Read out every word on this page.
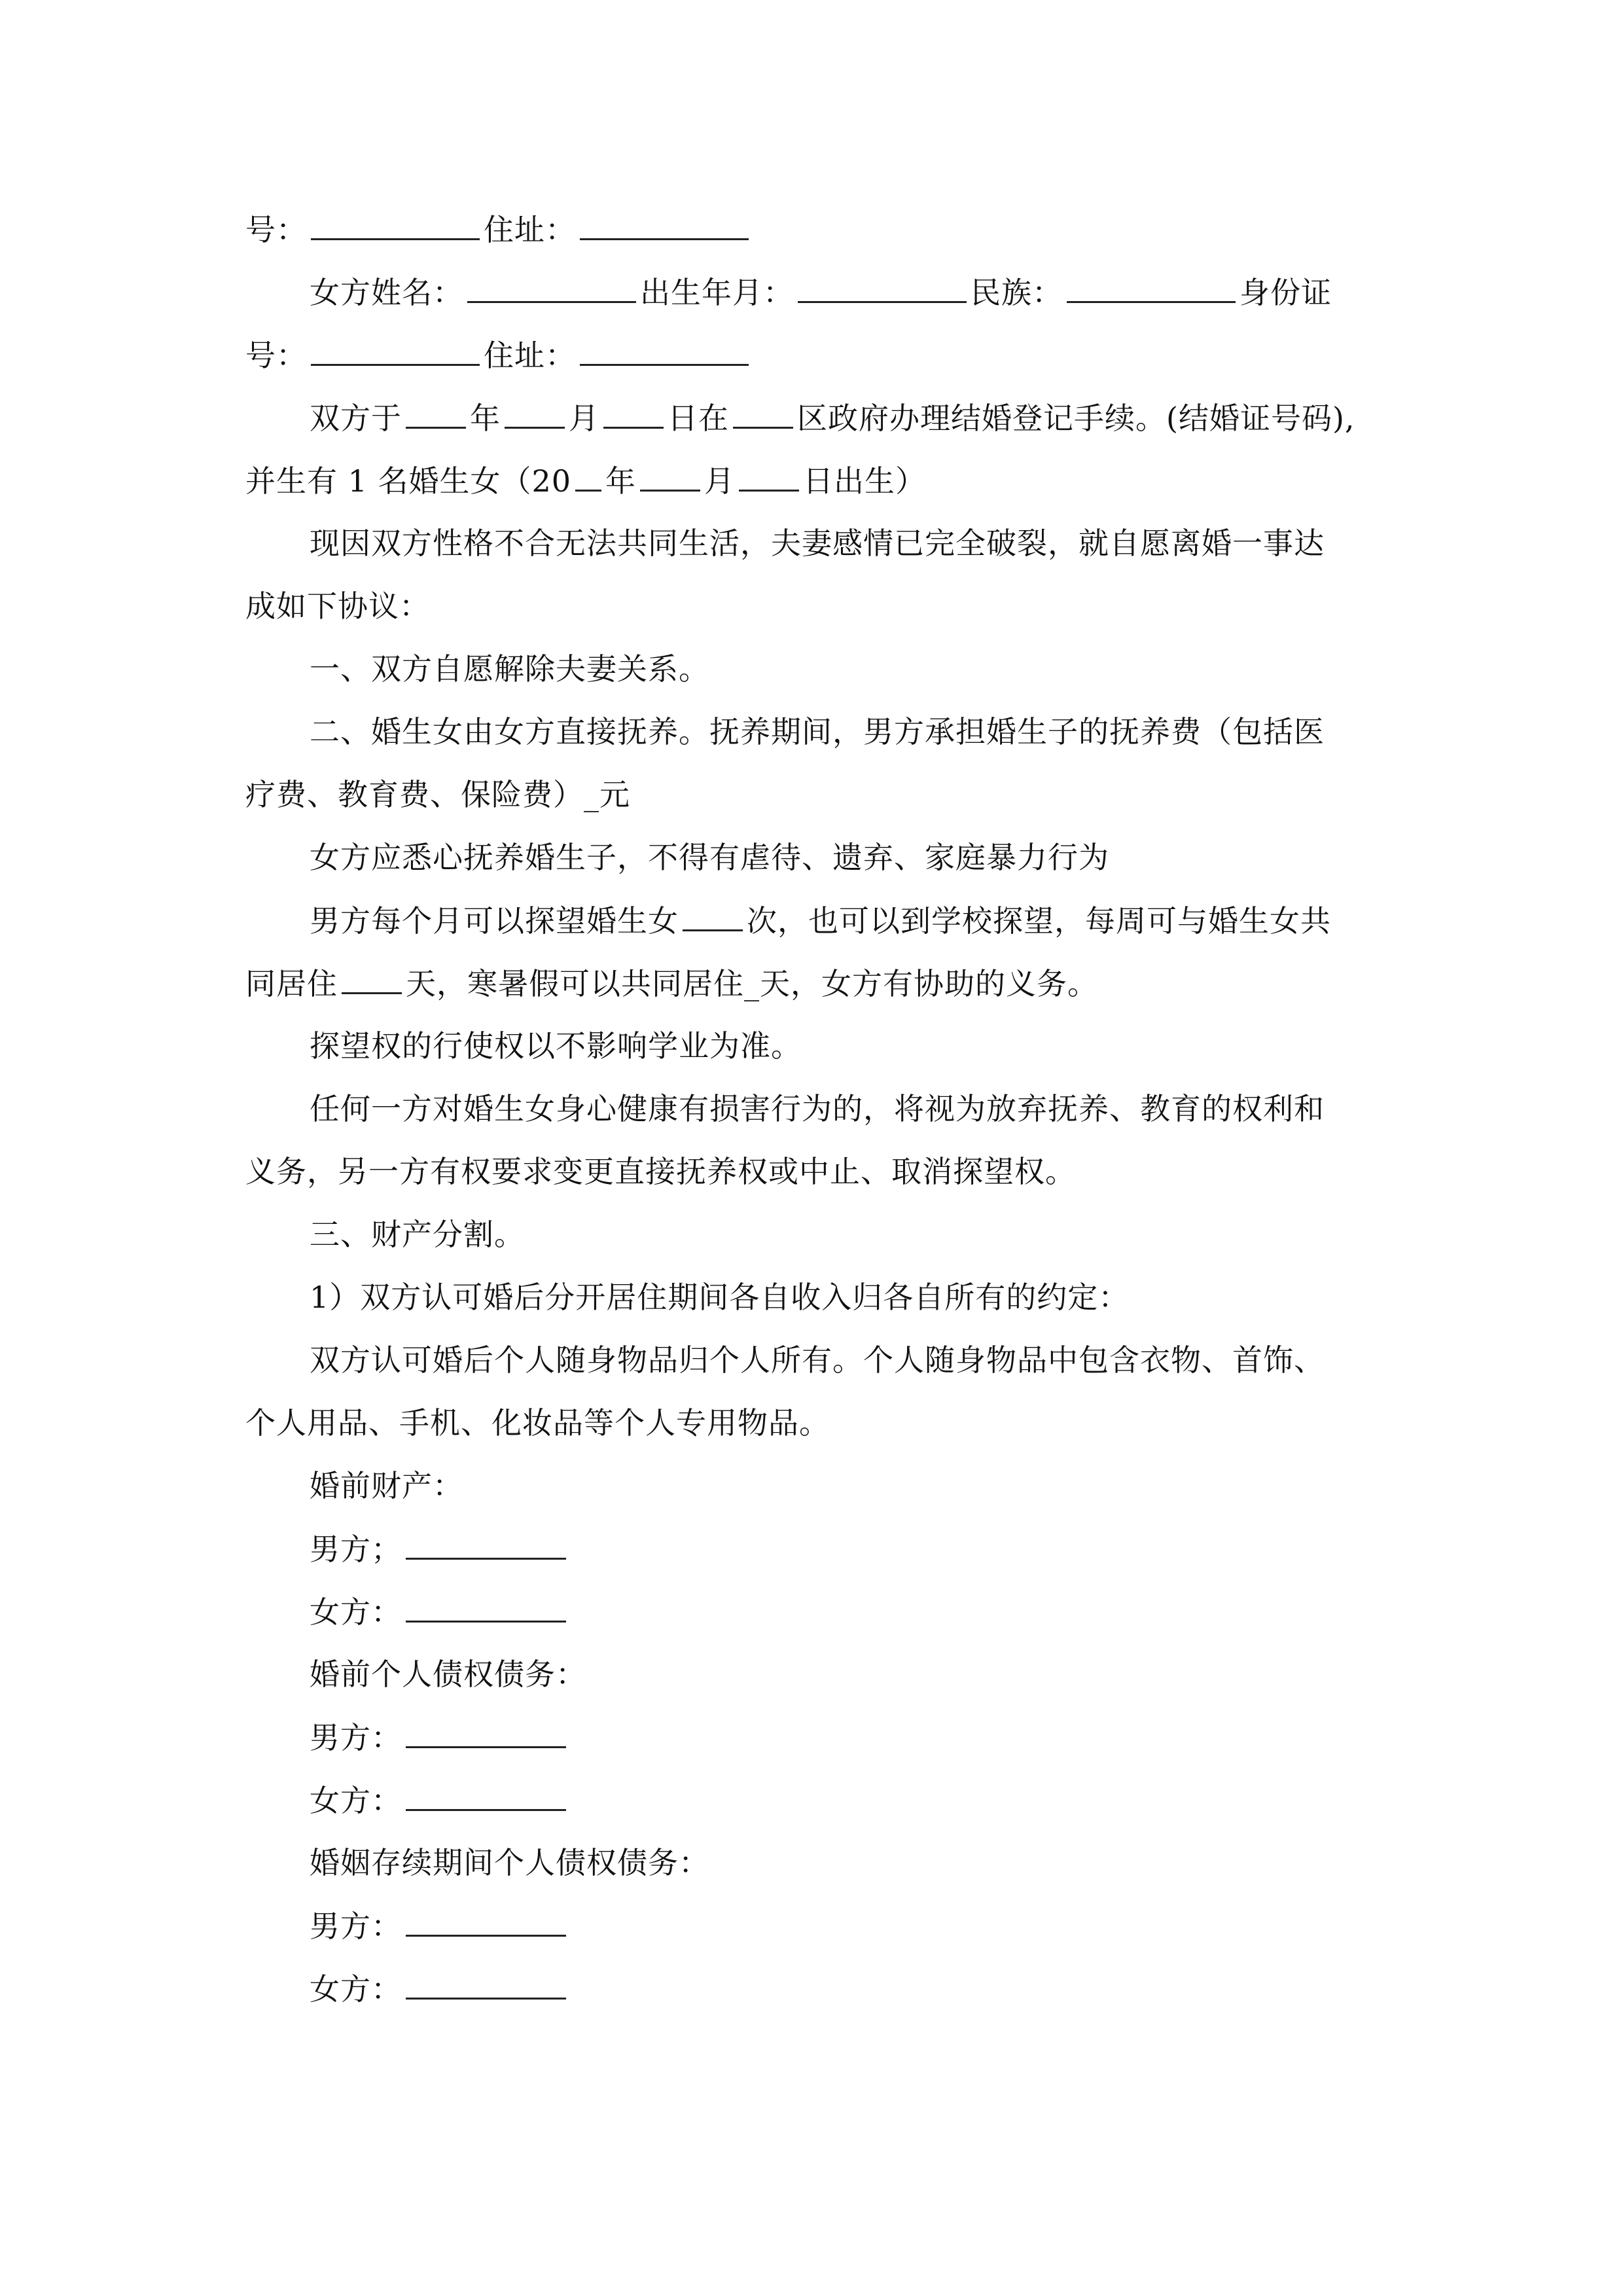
号：	住址：
女方姓名：	出生年月：	民族：	身份证
号：	住址：
双方于 年 月 日在 区政府办理结婚登记手续。(结婚证号码),
并生有 1 名婚生女（20 年 月 日出生）
现因双方性格不合无法共同生活，夫妻感情已完全破裂，就自愿离婚一事达
成如下协议：
一、双方自愿解除夫妻关系。
二、婚生女由女方直接抚养。抚养期间，男方承担婚生子的抚养费（包括医
疗费、教育费、保险费）_元
女方应悉心抚养婚生子，不得有虐待、遗弃、家庭暴力行为
男方每个月可以探望婚生女 次，也可以到学校探望，每周可与婚生女共
同居住 天，寒暑假可以共同居住_天，女方有协助的义务。
探望权的行使权以不影响学业为准。
任何一方对婚生女身心健康有损害行为的，将视为放弃抚养、教育的权利和
义务，另一方有权要求变更直接抚养权或中止、取消探望权。
三、财产分割。
1）双方认可婚后分开居住期间各自收入归各自所有的约定：
双方认可婚后个人随身物品归个人所有。个人随身物品中包含衣物、首饰、
个人用品、手机、化妆品等个人专用物品。
婚前财产：
男方；
女方：
婚前个人债权债务：
男方：
女方：
婚姻存续期间个人债权债务：
男方：
女方：
